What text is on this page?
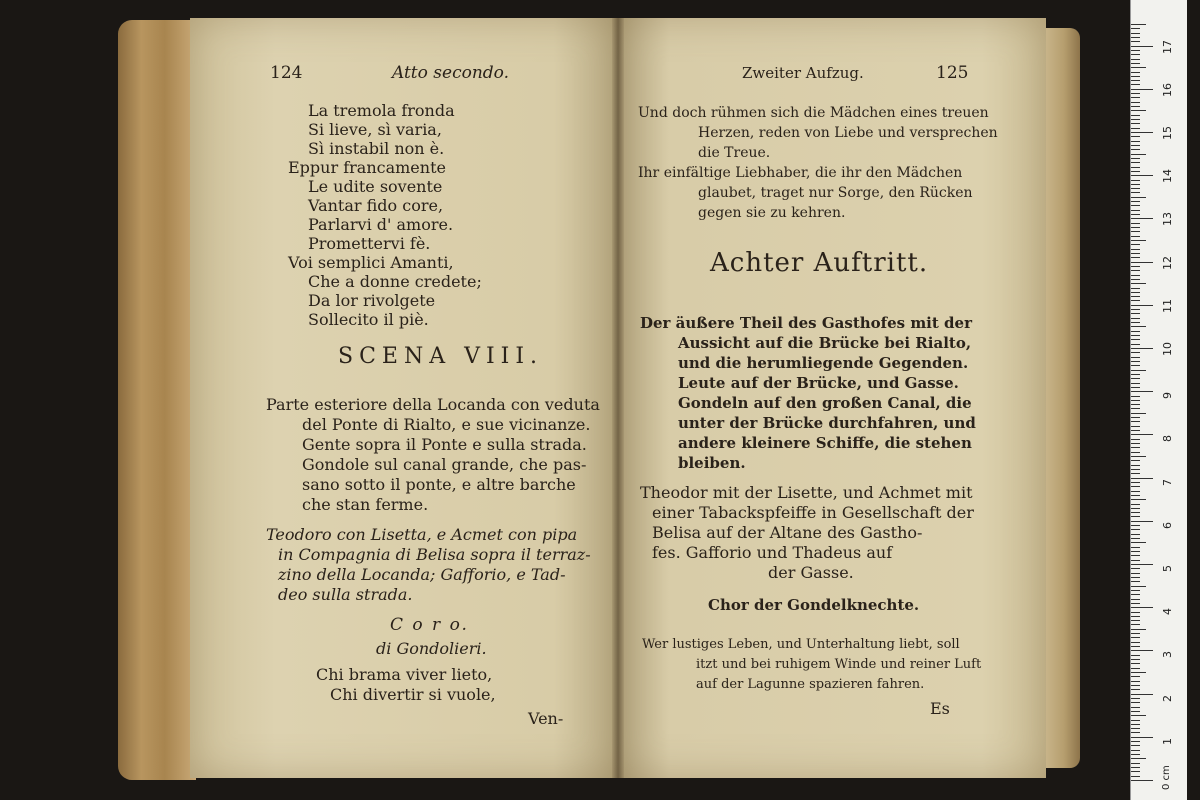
124	Atto secondo.
La tremola fronda
Si lieve, sì varia,
Sì instabil non è.
Eppur francamente
Le udite sovente
Vantar fido core,
Parlarvi d' amore.
Promettervi fè.
Voi semplici Amanti,
Che a donne credete;
Da lor rivolgete
Sollecito il piè.
SCENA VIII.
Parte esteriore della Locanda con veduta
del Ponte di Rialto, e sue vicinanze.
Gente sopra il Ponte e sulla strada.
Gondole sul canal grande, che pas-
sano sotto il ponte, e altre barche
che stan ferme.
Teodoro con Lisetta, e Acmet con pipa
in Compagnia di Belisa sopra il terraz-
zino della Locanda; Gafforio, e Tad-
deo sulla strada.
C o r o.
di Gondolieri.
Chi brama viver lieto,
Chi divertir si vuole,
Ven-
Zweiter Aufzug.	125
Und doch rühmen sich die Mädchen eines treuen
Herzen, reden von Liebe und versprechen
die Treue.
Ihr einfältige Liebhaber, die ihr den Mädchen
glaubet, traget nur Sorge, den Rücken
gegen sie zu kehren.
Achter Auftritt.
Der äußere Theil des Gasthofes mit der
Aussicht auf die Brücke bei Rialto,
und die herumliegende Gegenden.
Leute auf der Brücke, und Gasse.
Gondeln auf den großen Canal, die
unter der Brücke durchfahren, und
andere kleinere Schiffe, die stehen
bleiben.
Theodor mit der Lisette, und Achmet mit
einer Tabackspfeiffe in Gesellschaft der
Belisa auf der Altane des Gastho-
fes. Gafforio und Thadeus auf
der Gasse.
Chor der Gondelknechte.
Wer lustiges Leben, und Unterhaltung liebt, soll
itzt und bei ruhigem Winde und reiner Luft
auf der Lagunne spazieren fahren.
Es
0 cm
1
2
3
4
5
6
7
8
9
10
11
12
13
14
15
16
17
